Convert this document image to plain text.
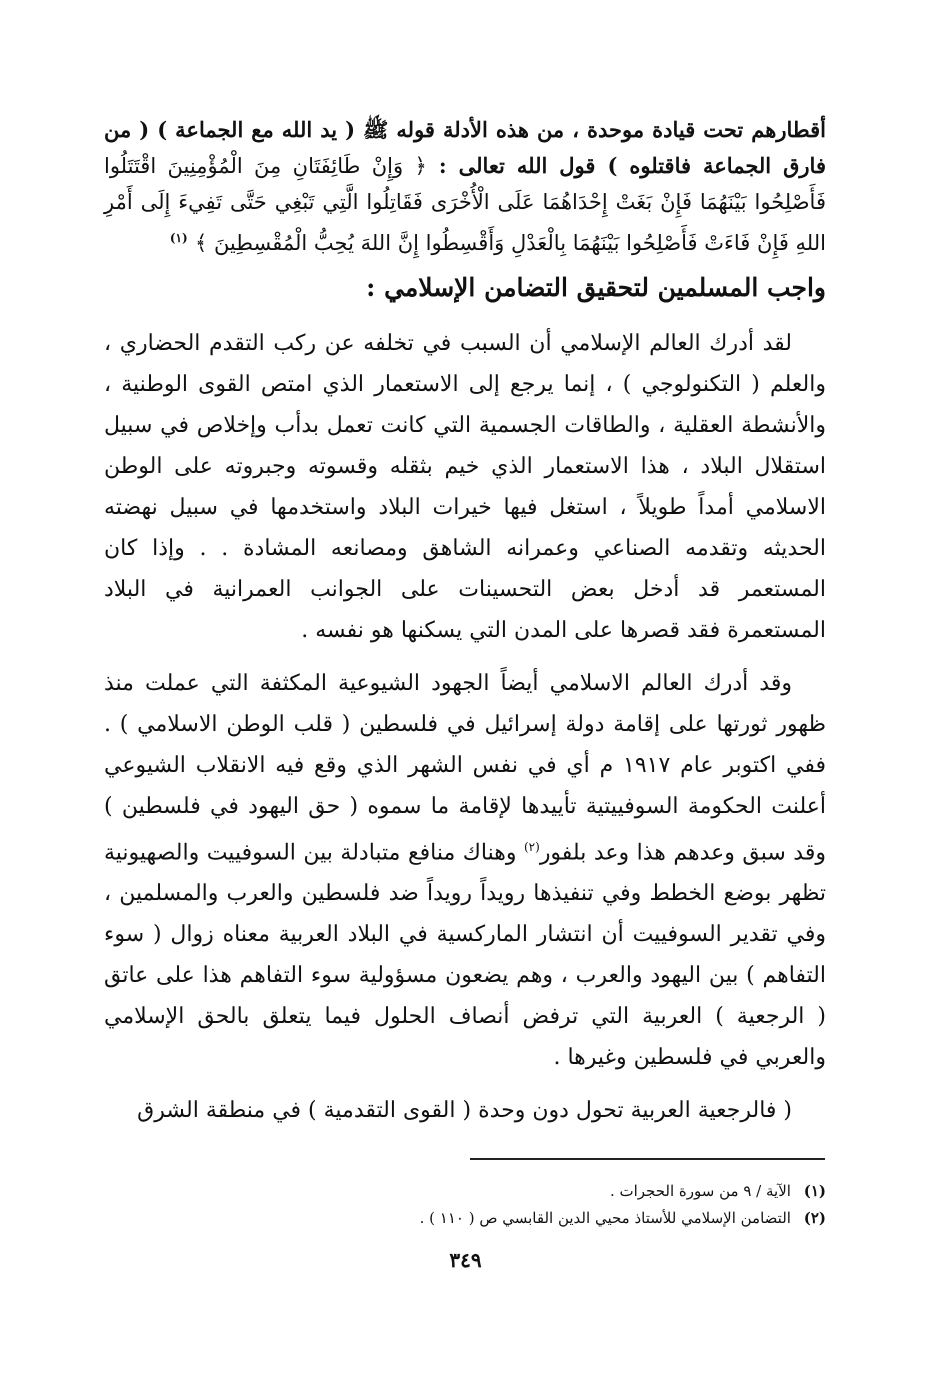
أقطارهم تحت قيادة موحدة ، من هذه الأدلة قوله ﷺ ( يد الله مع الجماعة ) ( من فارق الجماعة فاقتلوه ) قول الله تعالى : ﴿ وَإِنْ طَائِفَتَانِ مِنَ الْمُؤْمِنِينَ اقْتَتَلُوا فَأَصْلِحُوا بَيْنَهُمَا فَإِنْ بَغَتْ إِحْدَاهُمَا عَلَى الْأُخْرَى فَقَاتِلُوا الَّتِي تَبْغِي حَتَّى تَفِيءَ إِلَى أَمْرِ اللهِ فَإِنْ فَاءَتْ فَأَصْلِحُوا بَيْنَهُمَا بِالْعَدْلِ وَأَقْسِطُوا إِنَّ اللهَ يُحِبُّ الْمُقْسِطِينَ ﴾ $^{(١)}$

واجب المسلمين لتحقيق التضامن الإسلامي :

لقد أدرك العالم الإسلامي أن السبب في تخلفه عن ركب التقدم الحضاري ، والعلم ( التكنولوجي ) ، إنما يرجع إلى الاستعمار الذي امتص القوى الوطنية ، والأنشطة العقلية ، والطاقات الجسمية التي كانت تعمل بدأب وإخلاص في سبيل استقلال البلاد ، هذا الاستعمار الذي خيم بثقله وقسوته وجبروته على الوطن الاسلامي أمداً طويلاً ، استغل فيها خيرات البلاد واستخدمها في سبيل نهضته الحديثه وتقدمه الصناعي وعمرانه الشاهق ومصانعه المشادة . . وإذا كان المستعمر قد أدخل بعض التحسينات على الجوانب العمرانية في البلاد المستعمرة فقد قصرها على المدن التي يسكنها هو نفسه .

وقد أدرك العالم الاسلامي أيضاً الجهود الشيوعية المكثفة التي عملت منذ ظهور ثورتها على إقامة دولة إسرائيل في فلسطين ( قلب الوطن الاسلامي ) . ففي اكتوبر عام ١٩١٧ م أي في نفس الشهر الذي وقع فيه الانقلاب الشيوعي أعلنت الحكومة السوفييتية تأييدها لإقامة ما سموه ( حق اليهود في فلسطين ) وقد سبق وعدهم هذا وعد بلفور$^{(٢)}$ وهناك منافع متبادلة بين السوفييت والصهيونية تظهر بوضع الخطط وفي تنفيذها رويداً رويداً ضد فلسطين والعرب والمسلمين ، وفي تقدير السوفييت أن انتشار الماركسية في البلاد العربية معناه زوال ( سوء التفاهم ) بين اليهود والعرب ، وهم يضعون مسؤولية سوء التفاهم هذا على عاتق ( الرجعية ) العربية التي ترفض أنصاف الحلول فيما يتعلق بالحق الإسلامي والعربي في فلسطين وغيرها .

( فالرجعية العربية تحول دون وحدة ( القوى التقدمية ) في منطقة الشرق

(١) الآية / ٩ من سورة الحجرات .

(٢) التضامن الإسلامي للأستاذ محيي الدين القابسي ص ( ١١٠ ) .

٣٤٩
